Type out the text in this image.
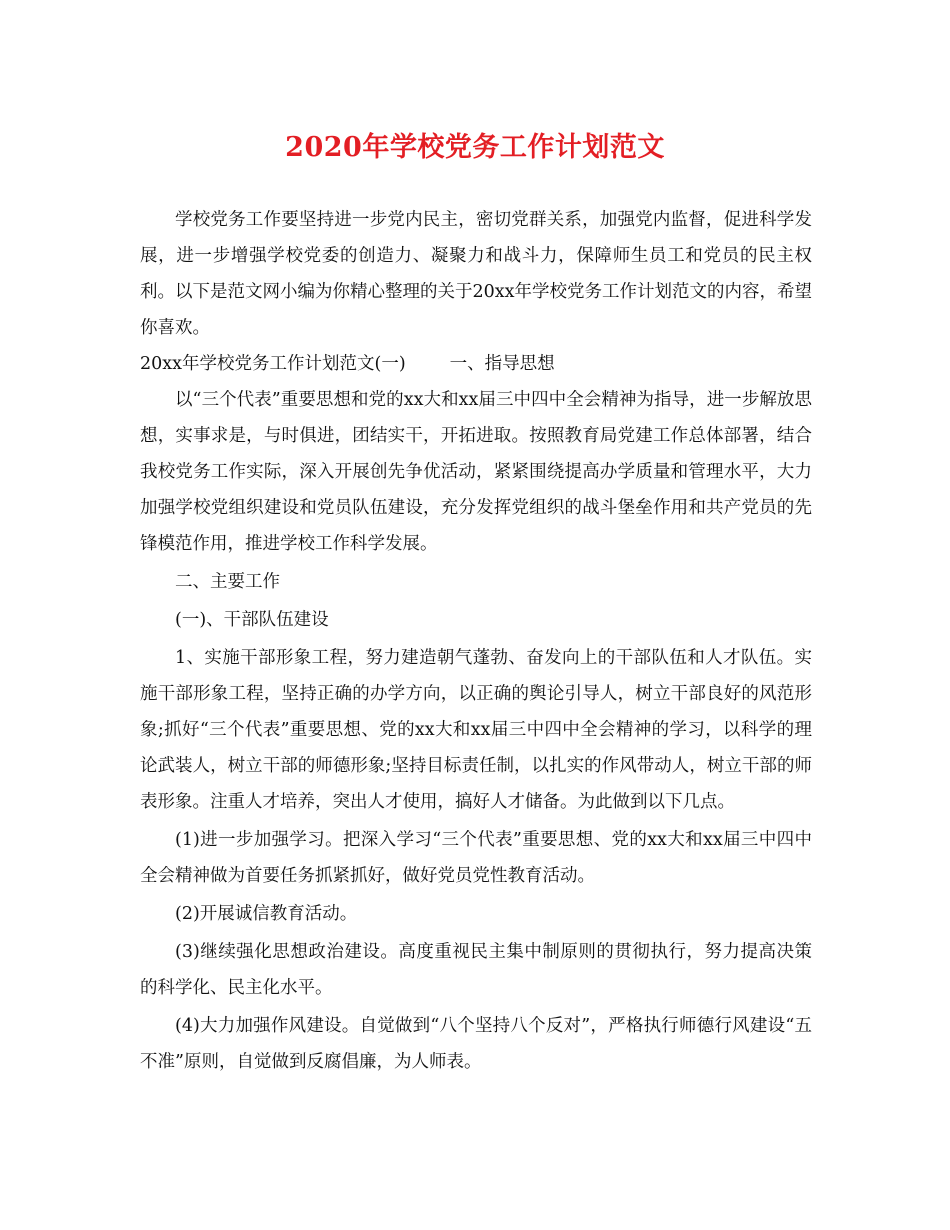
2020年学校党务工作计划范文

学校党务工作要坚持进一步党内民主，密切党群关系，加强党内监督，促进科学发展，进一步增强学校党委的创造力、凝聚力和战斗力，保障师生员工和党员的民主权利。以下是范文网小编为你精心整理的关于20xx年学校党务工作计划范文的内容，希望你喜欢。

20xx年学校党务工作计划范文(一)	一、指导思想

以“三个代表”重要思想和党的xx大和xx届三中四中全会精神为指导，进一步解放思想，实事求是，与时俱进，团结实干，开拓进取。按照教育局党建工作总体部署，结合我校党务工作实际，深入开展创先争优活动，紧紧围绕提高办学质量和管理水平，大力加强学校党组织建设和党员队伍建设，充分发挥党组织的战斗堡垒作用和共产党员的先锋模范作用，推进学校工作科学发展。

二、主要工作

(一)、干部队伍建设

1、实施干部形象工程，努力建造朝气蓬勃、奋发向上的干部队伍和人才队伍。实施干部形象工程，坚持正确的办学方向，以正确的舆论引导人，树立干部良好的风范形象;抓好“三个代表”重要思想、党的xx大和xx届三中四中全会精神的学习，以科学的理论武装人，树立干部的师德形象;坚持目标责任制，以扎实的作风带动人，树立干部的师表形象。注重人才培养，突出人才使用，搞好人才储备。为此做到以下几点。

(1)进一步加强学习。把深入学习“三个代表”重要思想、党的xx大和xx届三中四中全会精神做为首要任务抓紧抓好，做好党员党性教育活动。

(2)开展诚信教育活动。

(3)继续强化思想政治建设。高度重视民主集中制原则的贯彻执行，努力提高决策的科学化、民主化水平。

(4)大力加强作风建设。自觉做到“八个坚持八个反对”，严格执行师德行风建设“五不准”原则，自觉做到反腐倡廉，为人师表。
